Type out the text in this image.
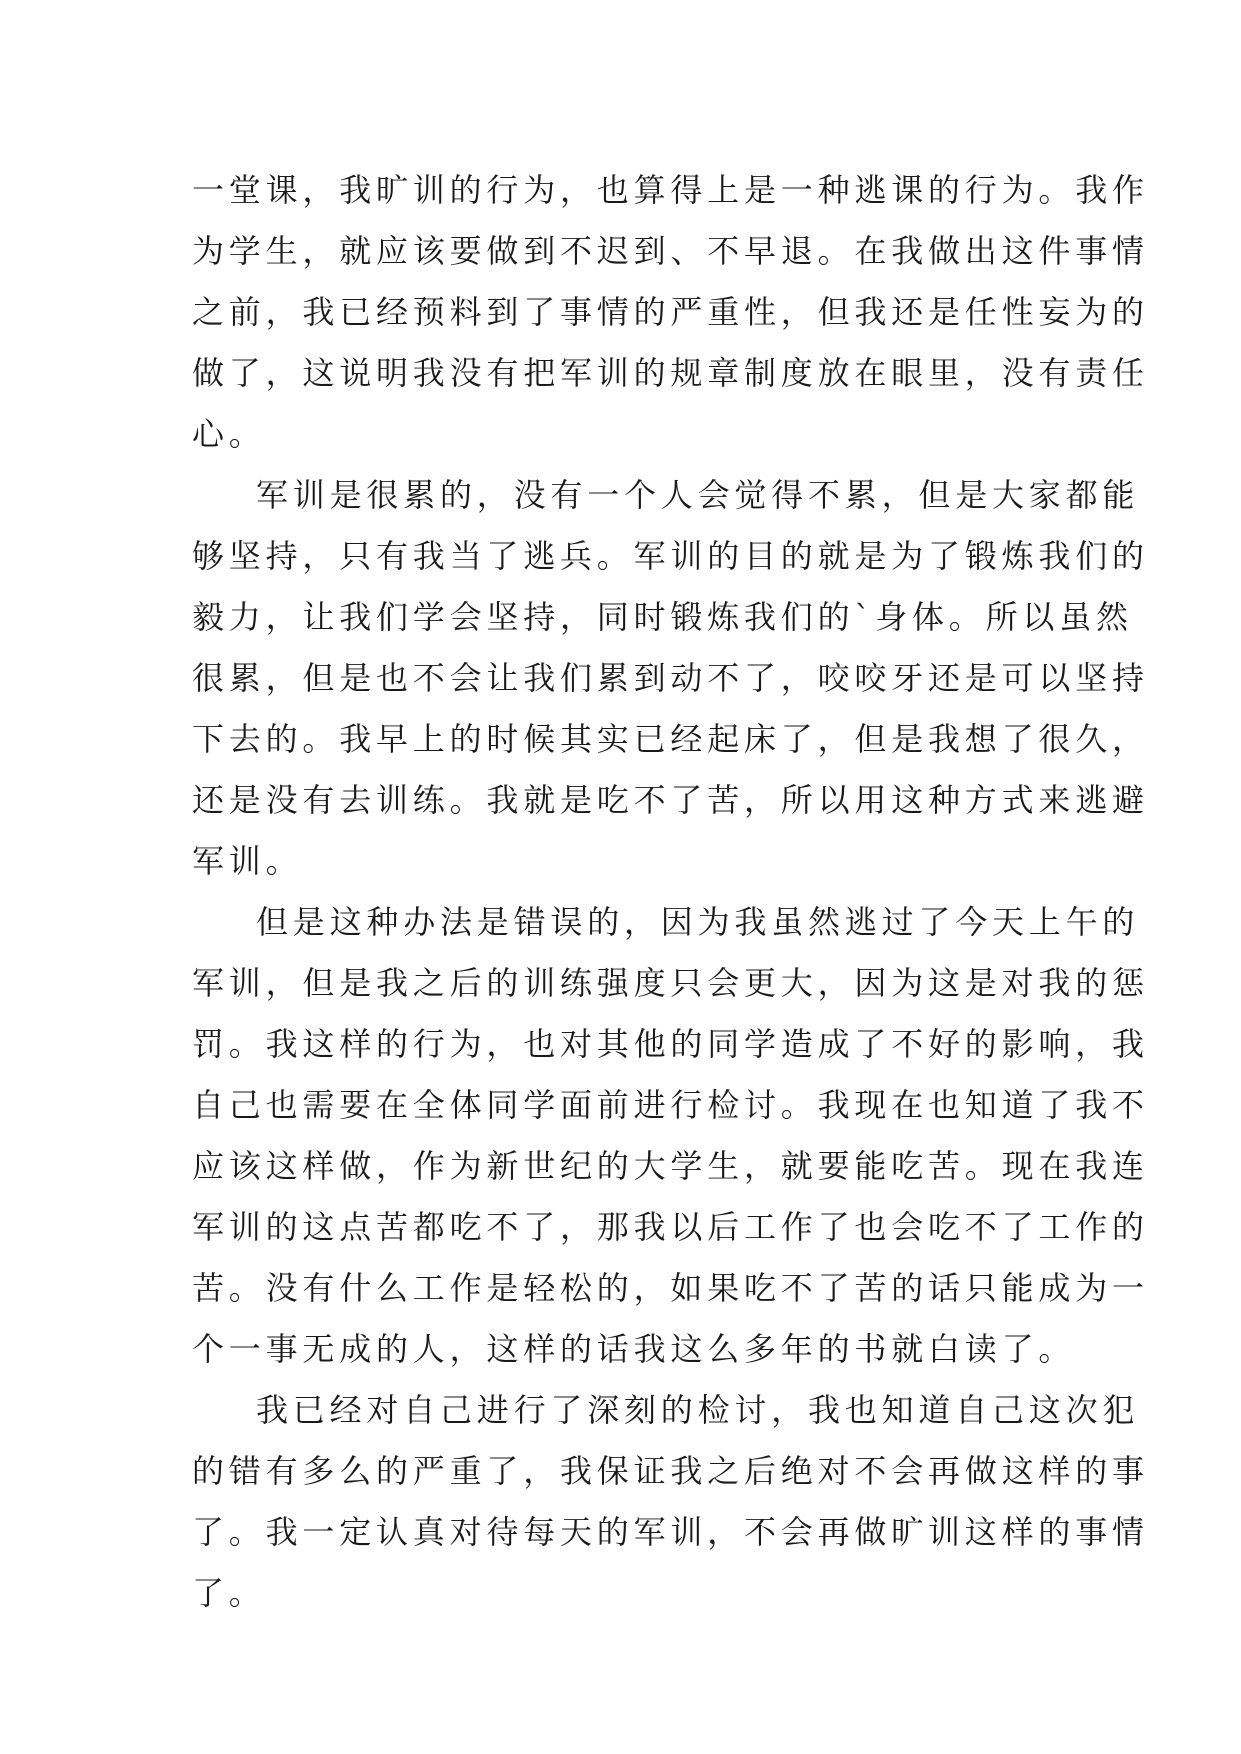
一堂课，我旷训的行为，也算得上是一种逃课的行为。我作
为学生，就应该要做到不迟到、不早退。在我做出这件事情
之前，我已经预料到了事情的严重性，但我还是任性妄为的
做了，这说明我没有把军训的规章制度放在眼里，没有责任
心。
军训是很累的，没有一个人会觉得不累，但是大家都能
够坚持，只有我当了逃兵。军训的目的就是为了锻炼我们的
毅力，让我们学会坚持，同时锻炼我们的`身体。所以虽然
很累，但是也不会让我们累到动不了，咬咬牙还是可以坚持
下去的。我早上的时候其实已经起床了，但是我想了很久，
还是没有去训练。我就是吃不了苦，所以用这种方式来逃避
军训。
但是这种办法是错误的，因为我虽然逃过了今天上午的
军训，但是我之后的训练强度只会更大，因为这是对我的惩
罚。我这样的行为，也对其他的同学造成了不好的影响，我
自己也需要在全体同学面前进行检讨。我现在也知道了我不
应该这样做，作为新世纪的大学生，就要能吃苦。现在我连
军训的这点苦都吃不了，那我以后工作了也会吃不了工作的
苦。没有什么工作是轻松的，如果吃不了苦的话只能成为一
个一事无成的人，这样的话我这么多年的书就白读了。
我已经对自己进行了深刻的检讨，我也知道自己这次犯
的错有多么的严重了，我保证我之后绝对不会再做这样的事
了。我一定认真对待每天的军训，不会再做旷训这样的事情
了。
